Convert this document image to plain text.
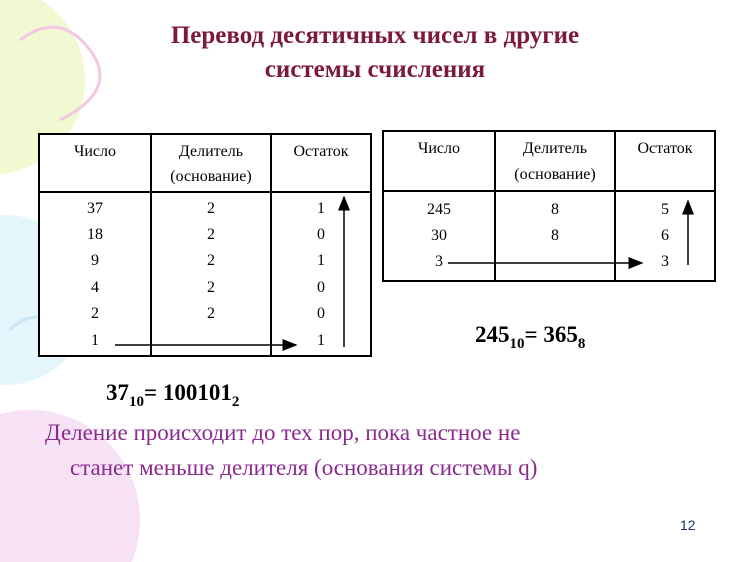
Перевод десятичных чисел в другие
системы счисления
Число	Делитель
(основание)
Остаток
37
18
9
4
2
1
2
2
2
2
2
1
0
1
0
0
1
Число	Делитель
(основание)
Остаток
245
30
3
8
8
5
6
3
$245_{10}= 365_8$
$37_{10}= 100101_2$
Деление происходит до тех пор, пока частное не
станет меньше делителя (основания системы q)
12
